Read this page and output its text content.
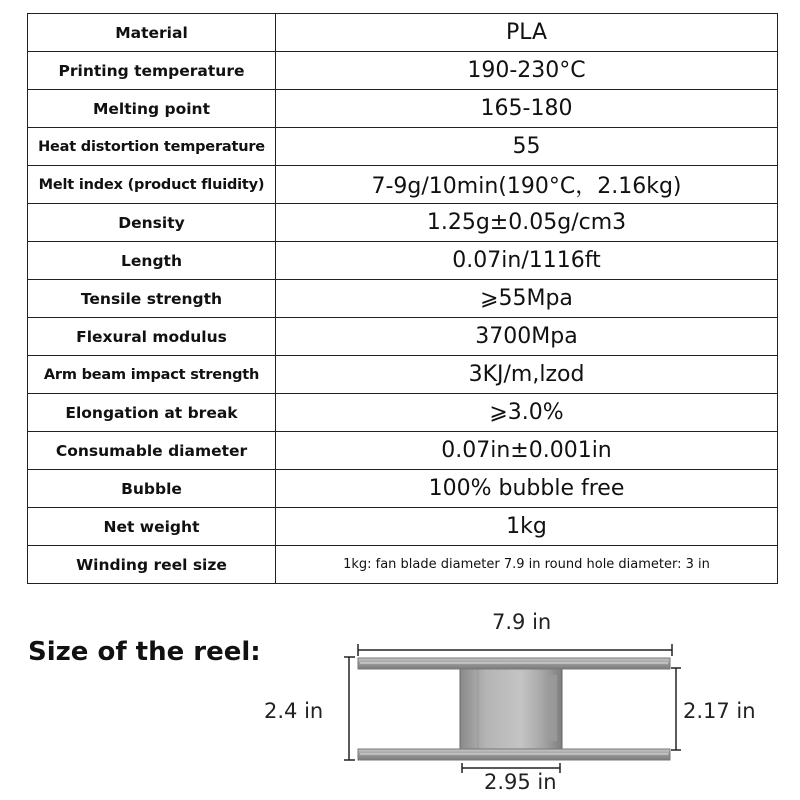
Material	PLA
Printing temperature	190-230°C
Melting point	165-180
Heat distortion temperature	55
Melt index (product fluidity)	7-9g/10min(190°C，2.16kg)
Density	1.25g±0.05g/cm3
Length	0.07in/1116ft
Tensile strength	⩾55Mpa
Flexural modulus	3700Mpa
Arm beam impact strength	3KJ/m,lzod
Elongation at break	⩾3.0%
Consumable diameter	0.07in±0.001in
Bubble	100% bubble free
Net weight	1kg
Winding reel size	1kg: fan blade diameter 7.9 in round hole diameter: 3 in
Size of the reel:
7.9 in
2.4 in	2.17 in
2.95 in
